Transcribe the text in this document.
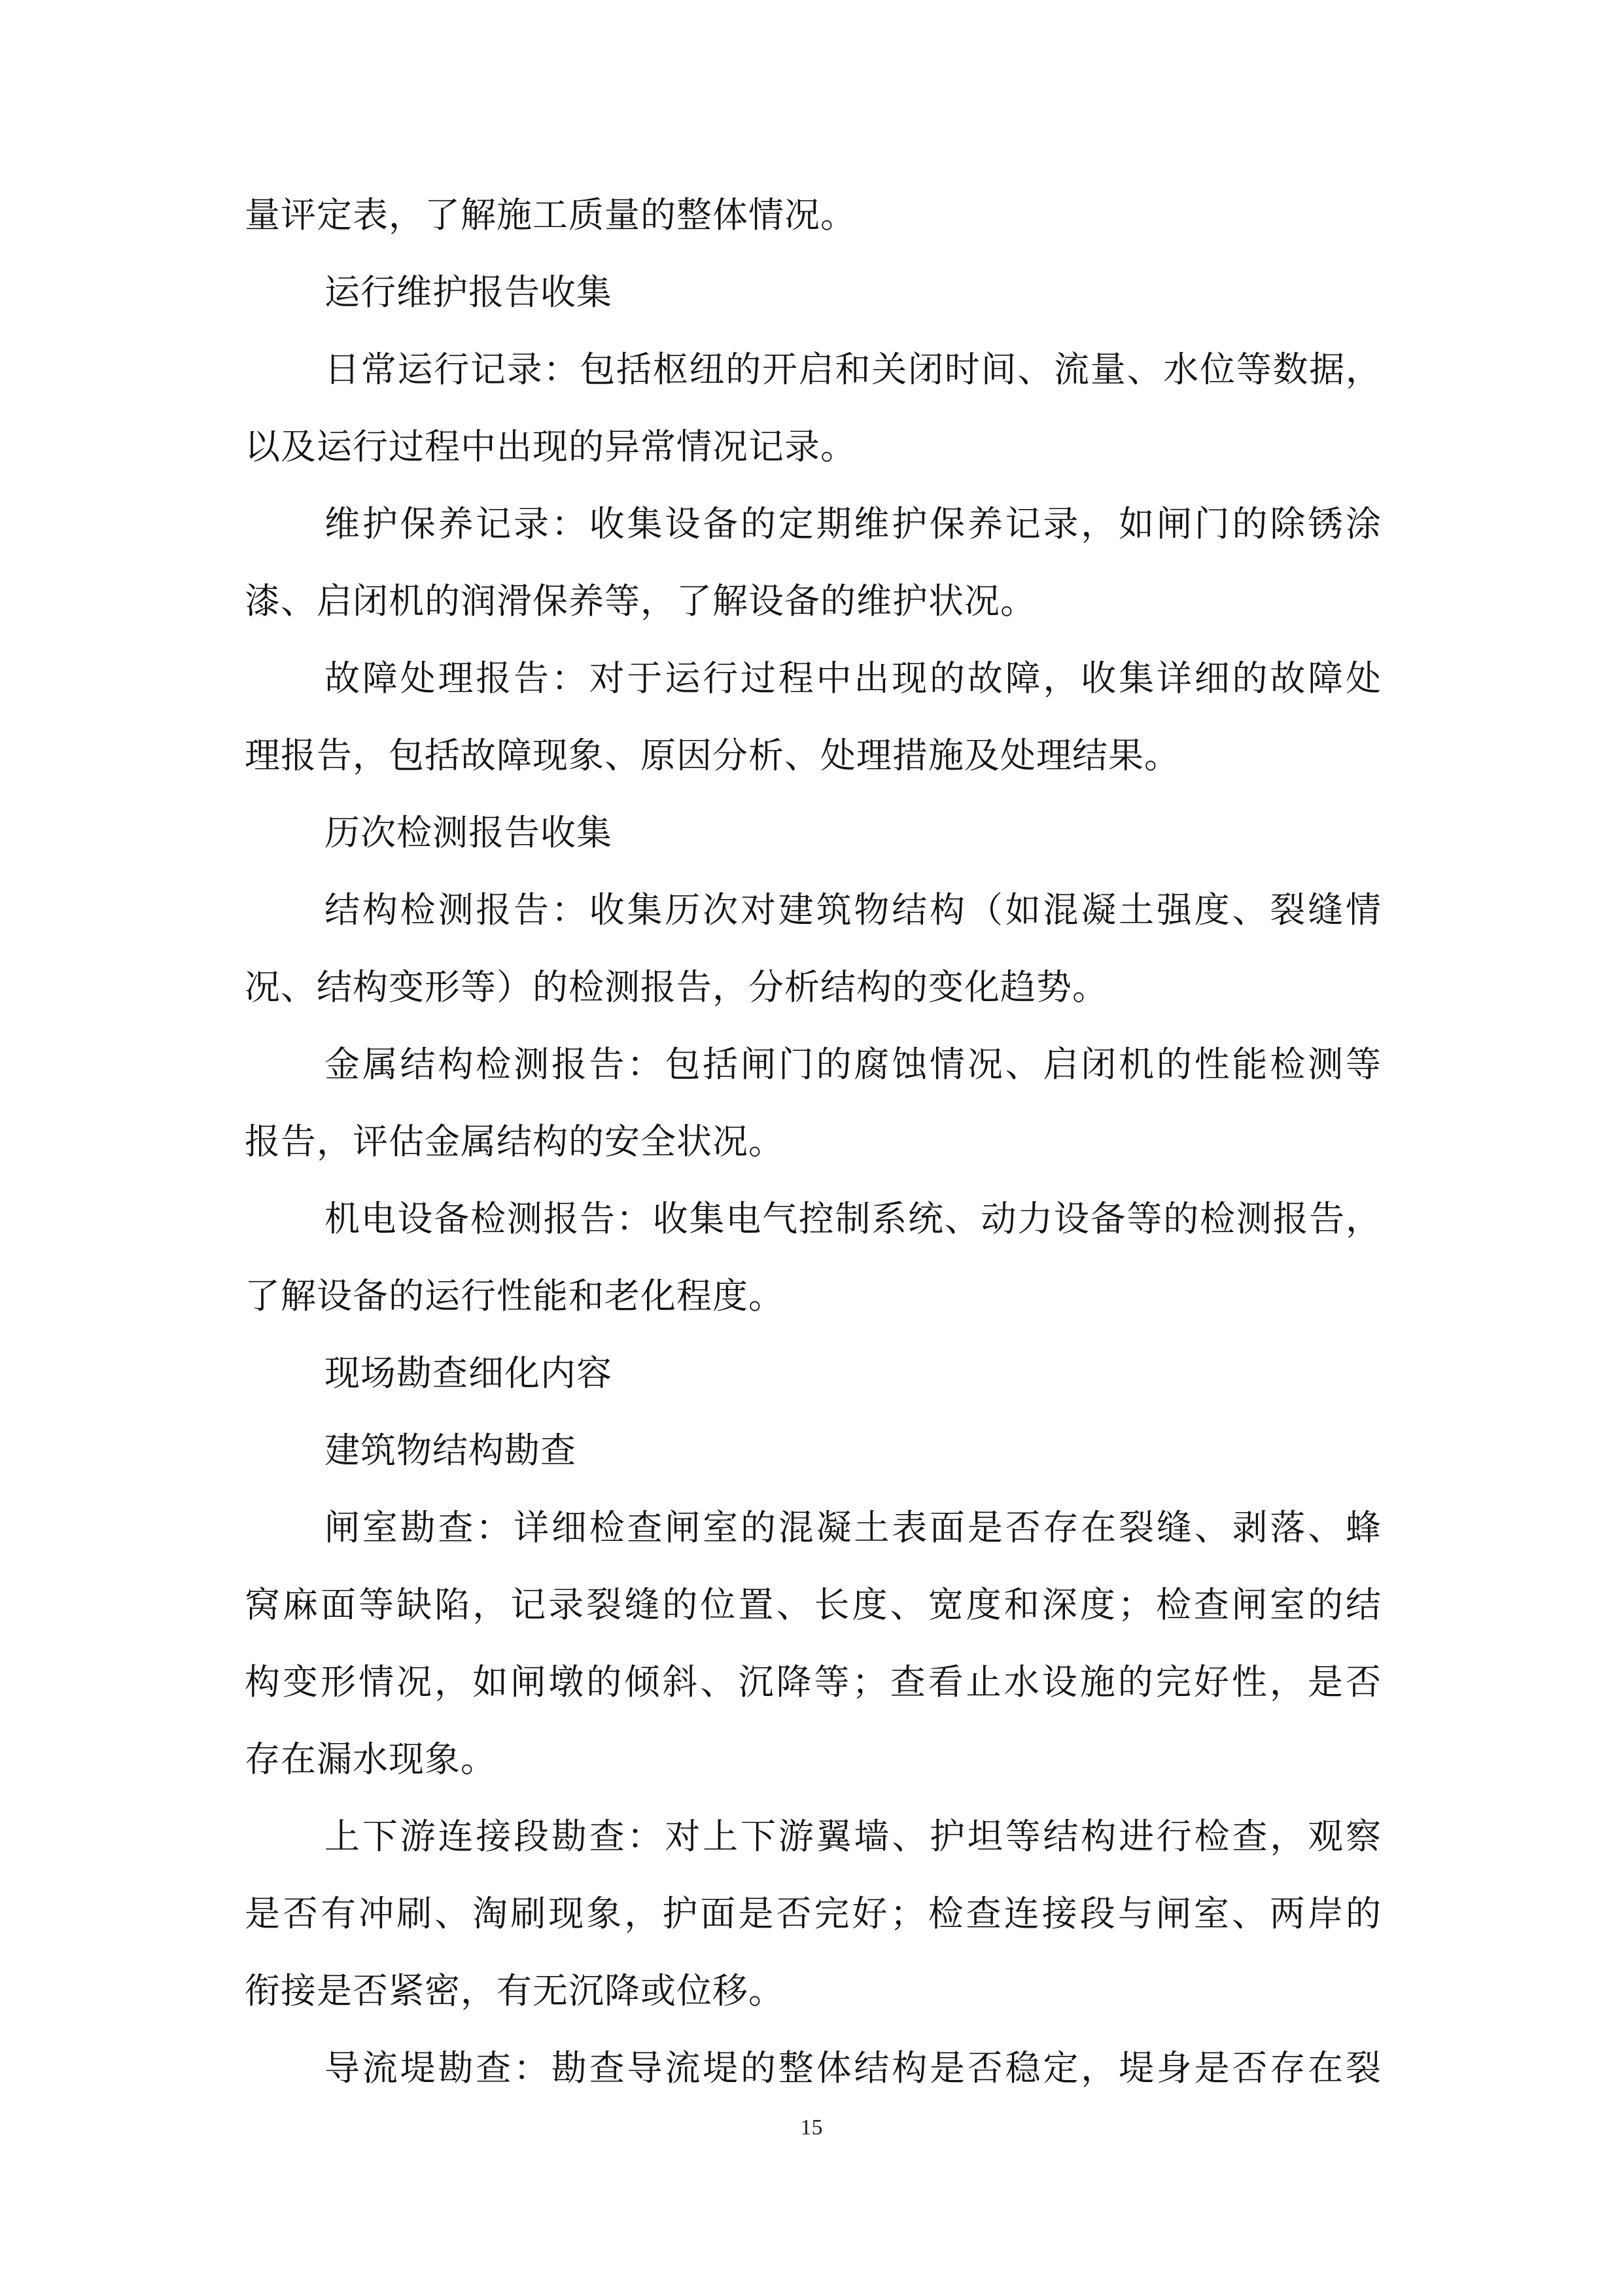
量评定表，了解施工质量的整体情况。
运行维护报告收集
日常运行记录：包括枢纽的开启和关闭时间、流量、水位等数据，
以及运行过程中出现的异常情况记录。
维护保养记录：收集设备的定期维护保养记录，如闸门的除锈涂
漆、启闭机的润滑保养等，了解设备的维护状况。
故障处理报告：对于运行过程中出现的故障，收集详细的故障处
理报告，包括故障现象、原因分析、处理措施及处理结果。
历次检测报告收集
结构检测报告：收集历次对建筑物结构（如混凝土强度、裂缝情
况、结构变形等）的检测报告，分析结构的变化趋势。
金属结构检测报告：包括闸门的腐蚀情况、启闭机的性能检测等
报告，评估金属结构的安全状况。
机电设备检测报告：收集电气控制系统、动力设备等的检测报告，
了解设备的运行性能和老化程度。
现场勘查细化内容
建筑物结构勘查
闸室勘查：详细检查闸室的混凝土表面是否存在裂缝、剥落、蜂
窝麻面等缺陷，记录裂缝的位置、长度、宽度和深度；检查闸室的结
构变形情况，如闸墩的倾斜、沉降等；查看止水设施的完好性，是否
存在漏水现象。
上下游连接段勘查：对上下游翼墙、护坦等结构进行检查，观察
是否有冲刷、淘刷现象，护面是否完好；检查连接段与闸室、两岸的
衔接是否紧密，有无沉降或位移。
导流堤勘查：勘查导流堤的整体结构是否稳定，堤身是否存在裂
15
